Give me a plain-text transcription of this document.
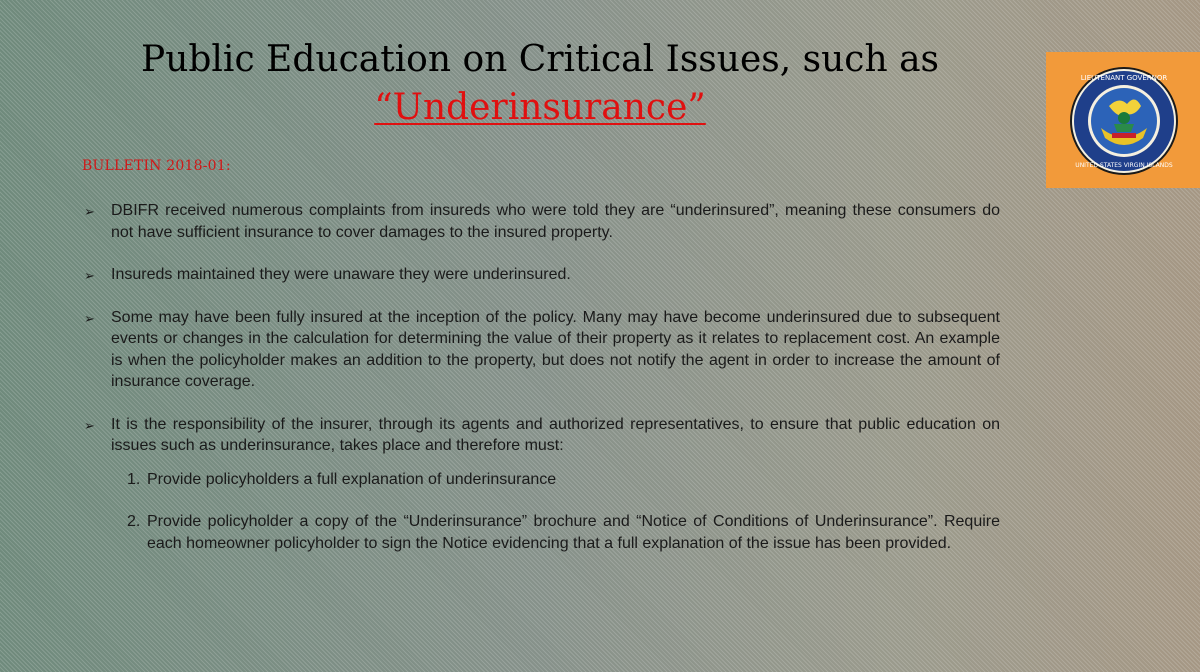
Public Education on Critical Issues, such as
“Underinsurance”
BULLETIN 2018-01:
LIEUTENANT GOVERNOR
UNITED STATES VIRGIN ISLANDS
➢ DBIFR received numerous complaints from insureds who were told they are “underinsured”, meaning these consumers do not have sufficient insurance to cover damages to the insured property.
➢ Insureds maintained they were unaware they were underinsured.
➢ Some may have been fully insured at the inception of the policy. Many may have become underinsured due to subsequent events or changes in the calculation for determining the value of their property as it relates to replacement cost. An example is when the policyholder makes an addition to the property, but does not notify the agent in order to increase the amount of insurance coverage.
➢ It is the responsibility of the insurer, through its agents and authorized representatives, to ensure that public education on issues such as underinsurance, takes place and therefore must:
1. Provide policyholders a full explanation of underinsurance
2. Provide policyholder a copy of the “Underinsurance” brochure and “Notice of Conditions of Underinsurance”. Require each homeowner policyholder to sign the Notice evidencing that a full explanation of the issue has been provided.
